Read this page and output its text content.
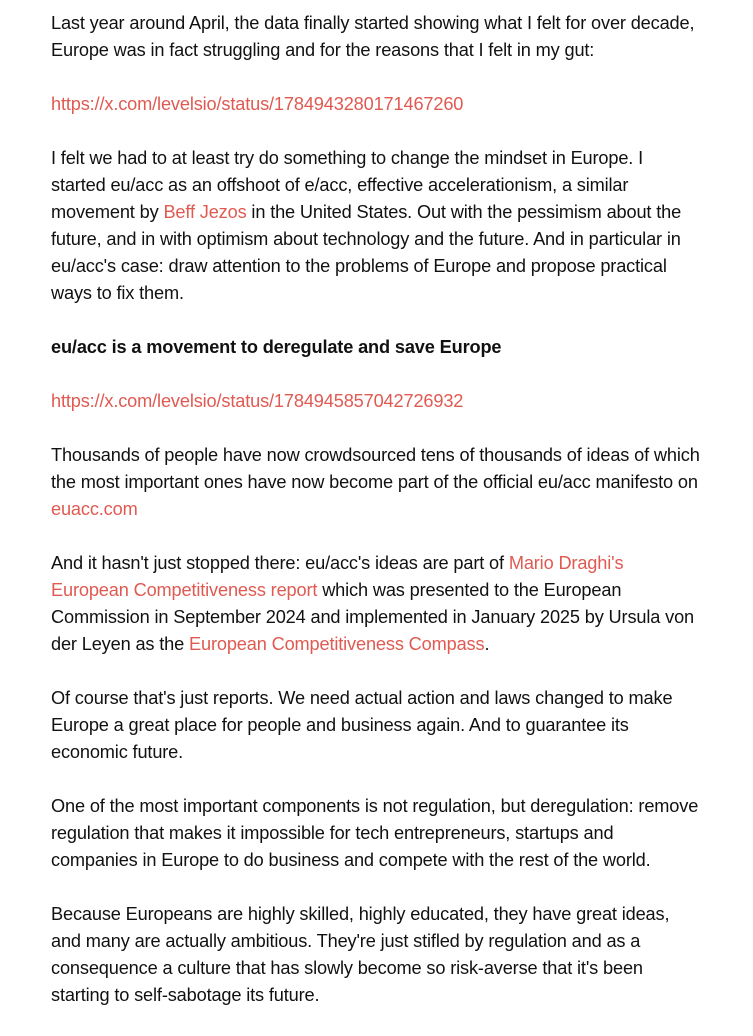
Last year around April, the data finally started showing what I felt for over decade, Europe was in fact struggling and for the reasons that I felt in my gut:

https://x.com/levelsio/status/1784943280171467260

I felt we had to at least try do something to change the mindset in Europe. I started eu/acc as an offshoot of e/acc, effective accelerationism, a similar movement by Beff Jezos in the United States. Out with the pessimism about the future, and in with optimism about technology and the future. And in particular in eu/acc's case: draw attention to the problems of Europe and propose practical ways to fix them.

eu/acc is a movement to deregulate and save Europe

https://x.com/levelsio/status/1784945857042726932

Thousands of people have now crowdsourced tens of thousands of ideas of which the most important ones have now become part of the official eu/acc manifesto on euacc.com

And it hasn't just stopped there: eu/acc's ideas are part of Mario Draghi's European Competitiveness report which was presented to the European Commission in September 2024 and implemented in January 2025 by Ursula von der Leyen as the European Competitiveness Compass.

Of course that's just reports. We need actual action and laws changed to make Europe a great place for people and business again. And to guarantee its economic future.

One of the most important components is not regulation, but deregulation: remove regulation that makes it impossible for tech entrepreneurs, startups and companies in Europe to do business and compete with the rest of the world.

Because Europeans are highly skilled, highly educated, they have great ideas, and many are actually ambitious. They're just stifled by regulation and as a consequence a culture that has slowly become so risk-averse that it's been starting to self-sabotage its future.
